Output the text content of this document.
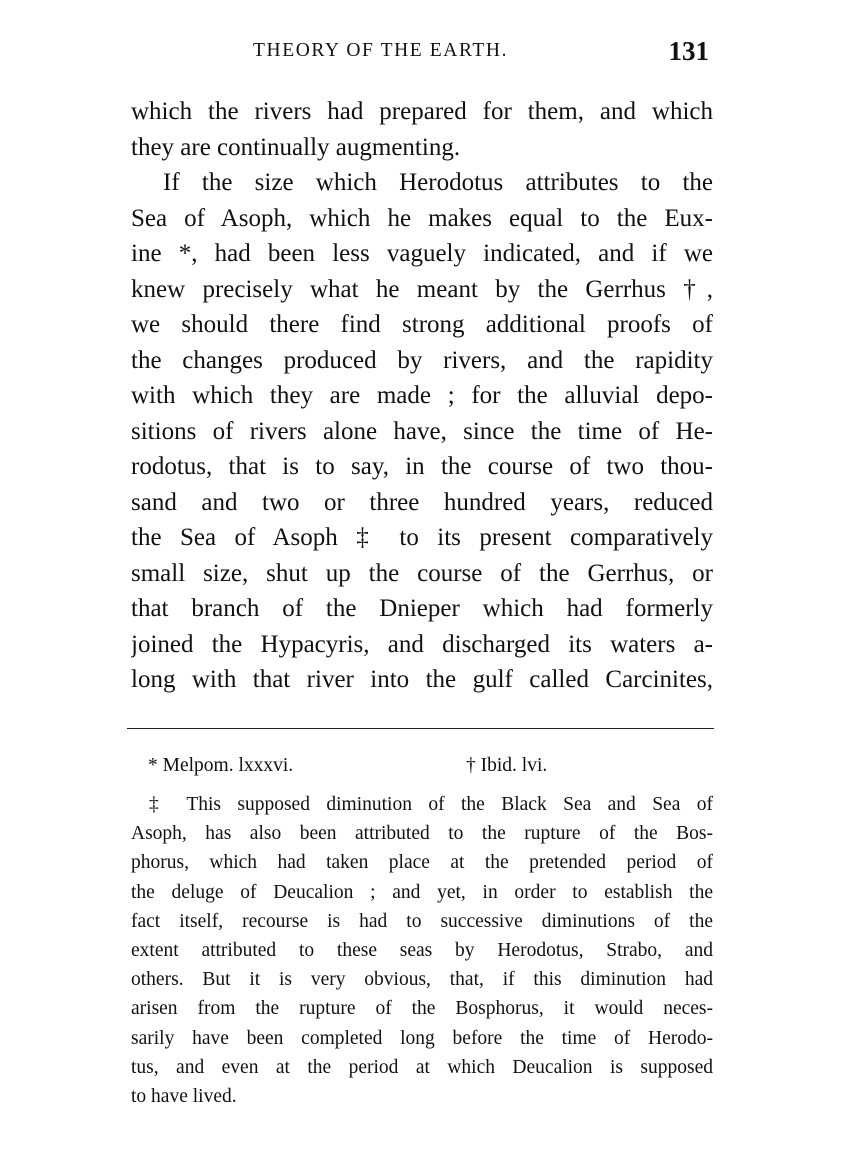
THEORY OF THE EARTH.	131
which the rivers had prepared for them, and which
they are continually augmenting.
If the size which Herodotus attributes to the
Sea of Asoph, which he makes equal to the Eux-
ine *, had been less vaguely indicated, and if we
knew precisely what he meant by the Gerrhus †,
we should there find strong additional proofs of
the changes produced by rivers, and the rapidity
with which they are made ; for the alluvial depo-
sitions of rivers alone have, since the time of He-
rodotus, that is to say, in the course of two thou-
sand and two or three hundred years, reduced
the Sea of Asoph ‡ to its present comparatively
small size, shut up the course of the Gerrhus, or
that branch of the Dnieper which had formerly
joined the Hypacyris, and discharged its waters a-
long with that river into the gulf called Carcinites,
* Melpom. lxxxvi.	† Ibid. lvi.
‡ This supposed diminution of the Black Sea and Sea of
Asoph, has also been attributed to the rupture of the Bos-
phorus, which had taken place at the pretended period of
the deluge of Deucalion ; and yet, in order to establish the
fact itself, recourse is had to successive diminutions of the
extent attributed to these seas by Herodotus, Strabo, and
others. But it is very obvious, that, if this diminution had
arisen from the rupture of the Bosphorus, it would neces-
sarily have been completed long before the time of Herodo-
tus, and even at the period at which Deucalion is supposed
to have lived.
